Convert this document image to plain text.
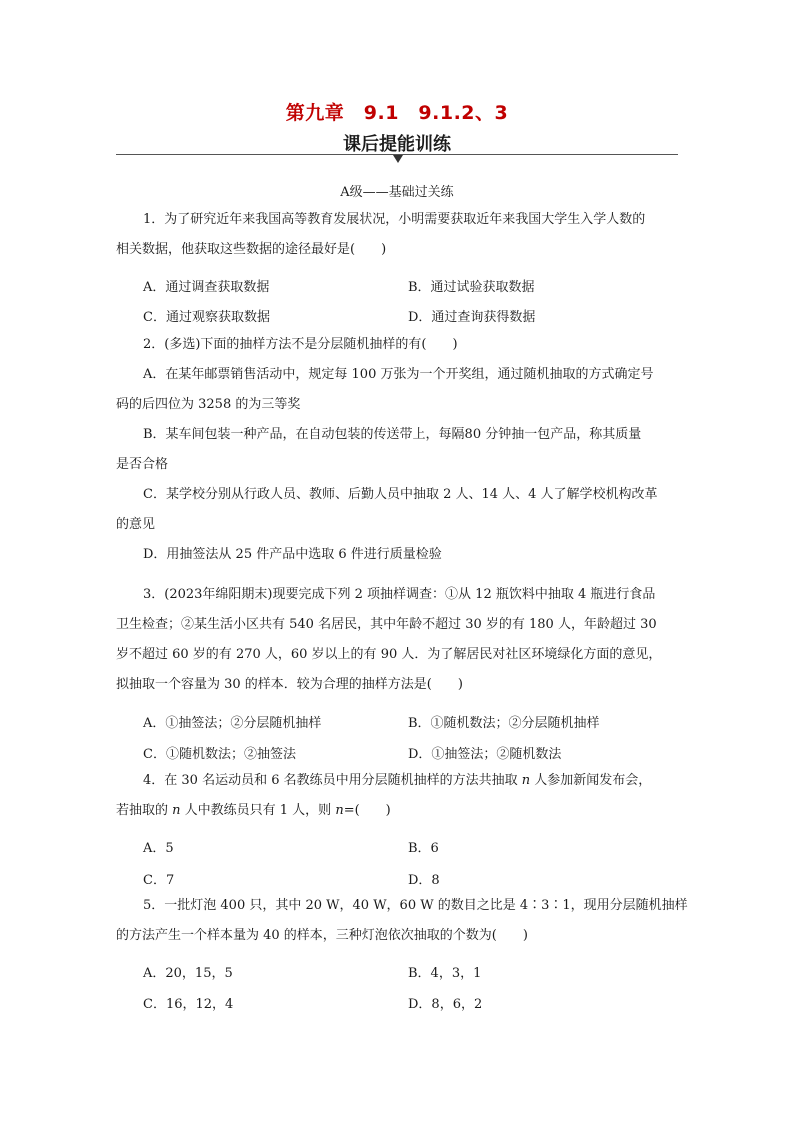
第九章　9.1　9.1.2、3
课后提能训练
A级——基础过关练
1．为了研究近年来我国高等教育发展状况，小明需要获取近年来我国大学生入学人数的
相关数据，他获取这些数据的途径最好是(　　)
A．通过调查获取数据	B．通过试验获取数据
C．通过观察获取数据	D．通过查询获得数据
2．(多选)下面的抽样方法不是分层随机抽样的有(　　)
A．在某年邮票销售活动中，规定每 100 万张为一个开奖组，通过随机抽取的方式确定号
码的后四位为 3258 的为三等奖
B．某车间包装一种产品，在自动包装的传送带上，每隔80 分钟抽一包产品，称其质量
是否合格
C．某学校分别从行政人员、教师、后勤人员中抽取 2 人、14 人、4 人了解学校机构改革
的意见
D．用抽签法从 25 件产品中选取 6 件进行质量检验
3．(2023年绵阳期末)现要完成下列 2 项抽样调查：①从 12 瓶饮料中抽取 4 瓶进行食品
卫生检查；②某生活小区共有 540 名居民，其中年龄不超过 30 岁的有 180 人，年龄超过 30
岁不超过 60 岁的有 270 人，60 岁以上的有 90 人．为了解居民对社区环境绿化方面的意见，
拟抽取一个容量为 30 的样本．较为合理的抽样方法是(　　)
A．①抽签法；②分层随机抽样	B．①随机数法；②分层随机抽样
C．①随机数法；②抽签法	D．①抽签法；②随机数法
4．在 30 名运动员和 6 名教练员中用分层随机抽样的方法共抽取 n 人参加新闻发布会，
若抽取的 n 人中教练员只有 1 人，则 n=(　　)
A．5	B．6
C．7	D．8
5．一批灯泡 400 只，其中 20 W，40 W，60 W 的数目之比是 4∶3∶1，现用分层随机抽样
的方法产生一个样本量为 40 的样本，三种灯泡依次抽取的个数为(　　)
A．20，15，5	B．4，3，1
C．16，12，4	D．8，6，2
